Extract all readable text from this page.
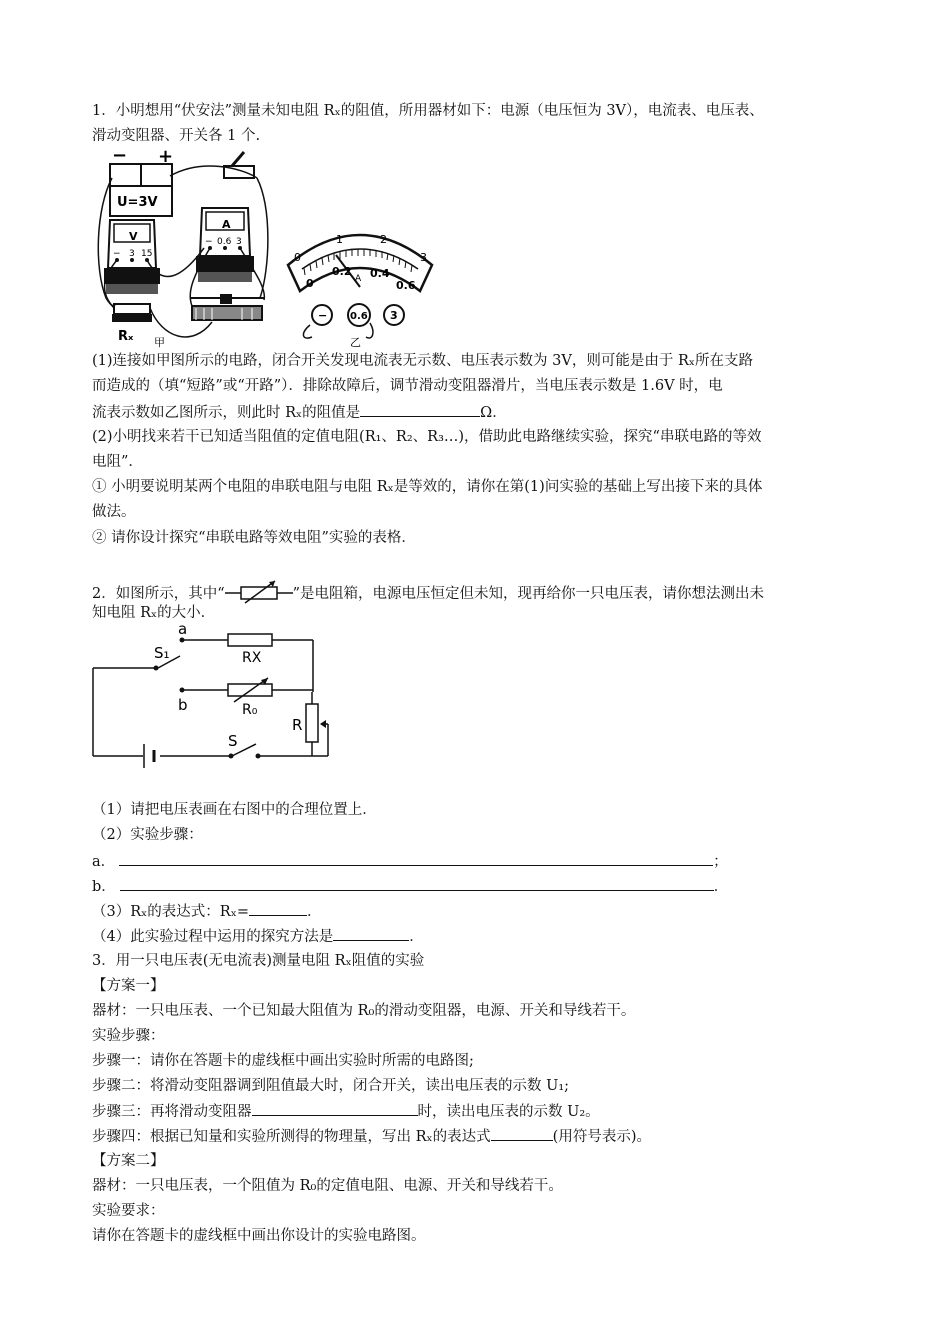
1．小明想用“伏安法”测量未知电阻 Rₓ的阻值，所用器材如下：电源（电压恒为 3V），电流表、电压表、
滑动变阻器、开关各 1 个.
− +
U=3V
V
− 3 15
A
− 0.6 3
Rₓ 甲
0
1	2
3
0
0.2 0.4
0.6
A
− 0.6 3
乙
(1)连接如甲图所示的电路，闭合开关发现电流表无示数、电压表示数为 3V，则可能是由于 Rₓ所在支路
而造成的（填“短路”或“开路”）．排除故障后，调节滑动变阻器滑片，当电压表示数是 1.6V 时，电
流表示数如乙图所示，则此时 Rₓ的阻值是	Ω．
(2)小明找来若干已知适当阻值的定值电阻(R₁、R₂、R₃…)，借助此电路继续实验，探究“串联电路的等效
电阻”．
① 小明要说明某两个电阻的串联电阻与电阻 Rₓ是等效的，请你在第(1)问实验的基础上写出接下来的具体
做法。
② 请你设计探究“串联电路等效电阻”实验的表格．
2．如图所示，其中“	”是电阻箱，电源电压恒定但未知，现再给你一只电压表，请你想法测出未
知电阻 Rₓ的大小．
a
b
S₁	RX
R₀
R
S
（1）请把电压表画在右图中的合理位置上．
（2）实验步骤：
a．	；
b．	．
（3）Rₓ的表达式：Rₓ=	．
（4）此实验过程中运用的探究方法是	．
3．用一只电压表(无电流表)测量电阻 Rₓ阻值的实验
【方案一】
器材：一只电压表、一个已知最大阻值为 R₀的滑动变阻器，电源、开关和导线若干。
实验步骤：
步骤一：请你在答题卡的虚线框中画出实验时所需的电路图;
步骤二：将滑动变阻器调到阻值最大时，闭合开关，读出电压表的示数 U₁;
步骤三：再将滑动变阻器	时，读出电压表的示数 U₂。
步骤四：根据已知量和实验所测得的物理量，写出 Rₓ的表达式	(用符号表示)。
【方案二】
器材：一只电压表，一个阻值为 R₀的定值电阻、电源、开关和导线若干。
实验要求：
请你在答题卡的虚线框中画出你设计的实验电路图。
